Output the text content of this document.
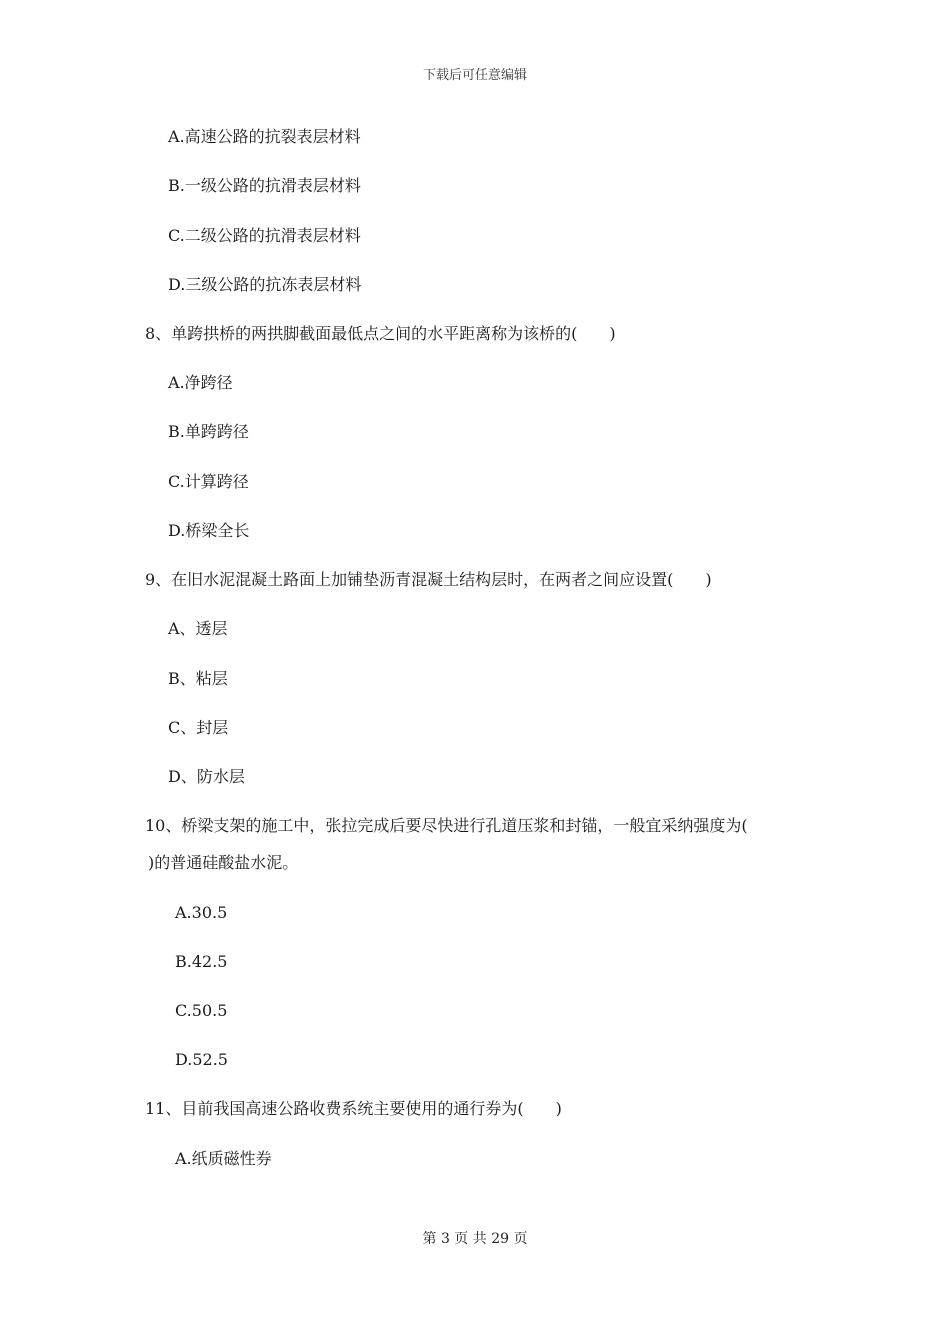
下载后可任意编辑
A.高速公路的抗裂表层材料
B.一级公路的抗滑表层材料
C.二级公路的抗滑表层材料
D.三级公路的抗冻表层材料
8、单跨拱桥的两拱脚截面最低点之间的水平距离称为该桥的(　　)
A.净跨径
B.单跨跨径
C.计算跨径
D.桥梁全长
9、在旧水泥混凝土路面上加铺垫沥青混凝土结构层时，在两者之间应设置(　　)
A、透层
B、粘层
C、封层
D、防水层
10、桥梁支架的施工中，张拉完成后要尽快进行孔道压浆和封锚，一般宜采纳强度为(
)的普通硅酸盐水泥。
A.30.5
B.42.5
C.50.5
D.52.5
11、目前我国高速公路收费系统主要使用的通行券为(　　)
A.纸质磁性券
第 3 页 共 29 页
